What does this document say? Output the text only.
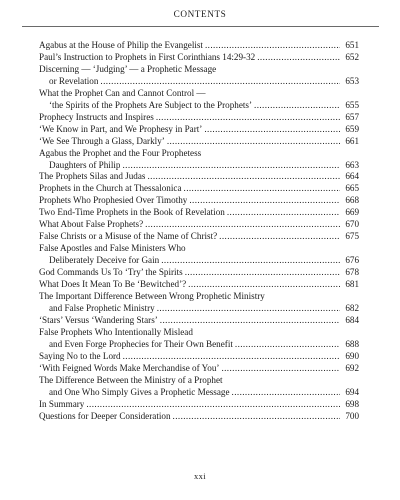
CONTENTS
Agabus at the House of Philip the Evangelist .....	651
Paul’s Instruction to Prophets in First Corinthians 14:29-32 .....	652
Discerning — ‘Judging’ — a Prophetic Message
or Revelation .....	653
What the Prophet Can and Cannot Control —
‘the Spirits of the Prophets Are Subject to the Prophets’ .....	655
Prophecy Instructs and Inspires .....	657
‘We Know in Part, and We Prophesy in Part’ .....	659
‘We See Through a Glass, Darkly’ .....	661
Agabus the Prophet and the Four Prophetess
Daughters of Philip .....	663
The Prophets Silas and Judas .....	664
Prophets in the Church at Thessalonica .....	665
Prophets Who Prophesied Over Timothy .....	668
Two End-Time Prophets in the Book of Revelation .....	669
What About False Prophets? .....	670
False Christs or a Misuse of the Name of Christ? .....	675
False Apostles and False Ministers Who
Deliberately Deceive for Gain .....	676
God Commands Us To ‘Try’ the Spirits .....	678
What Does It Mean To Be ‘Bewitched’? .....	681
The Important Difference Between Wrong Prophetic Ministry
and False Prophetic Ministry .....	682
‘Stars’ Versus ‘Wandering Stars’ .....	684
False Prophets Who Intentionally Mislead
and Even Forge Prophecies for Their Own Benefit .....	688
Saying No to the Lord .....	690
‘With Feigned Words Make Merchandise of You’ .....	692
The Difference Between the Ministry of a Prophet
and One Who Simply Gives a Prophetic Message .....	694
In Summary .....	698
Questions for Deeper Consideration .....	700
xxi
